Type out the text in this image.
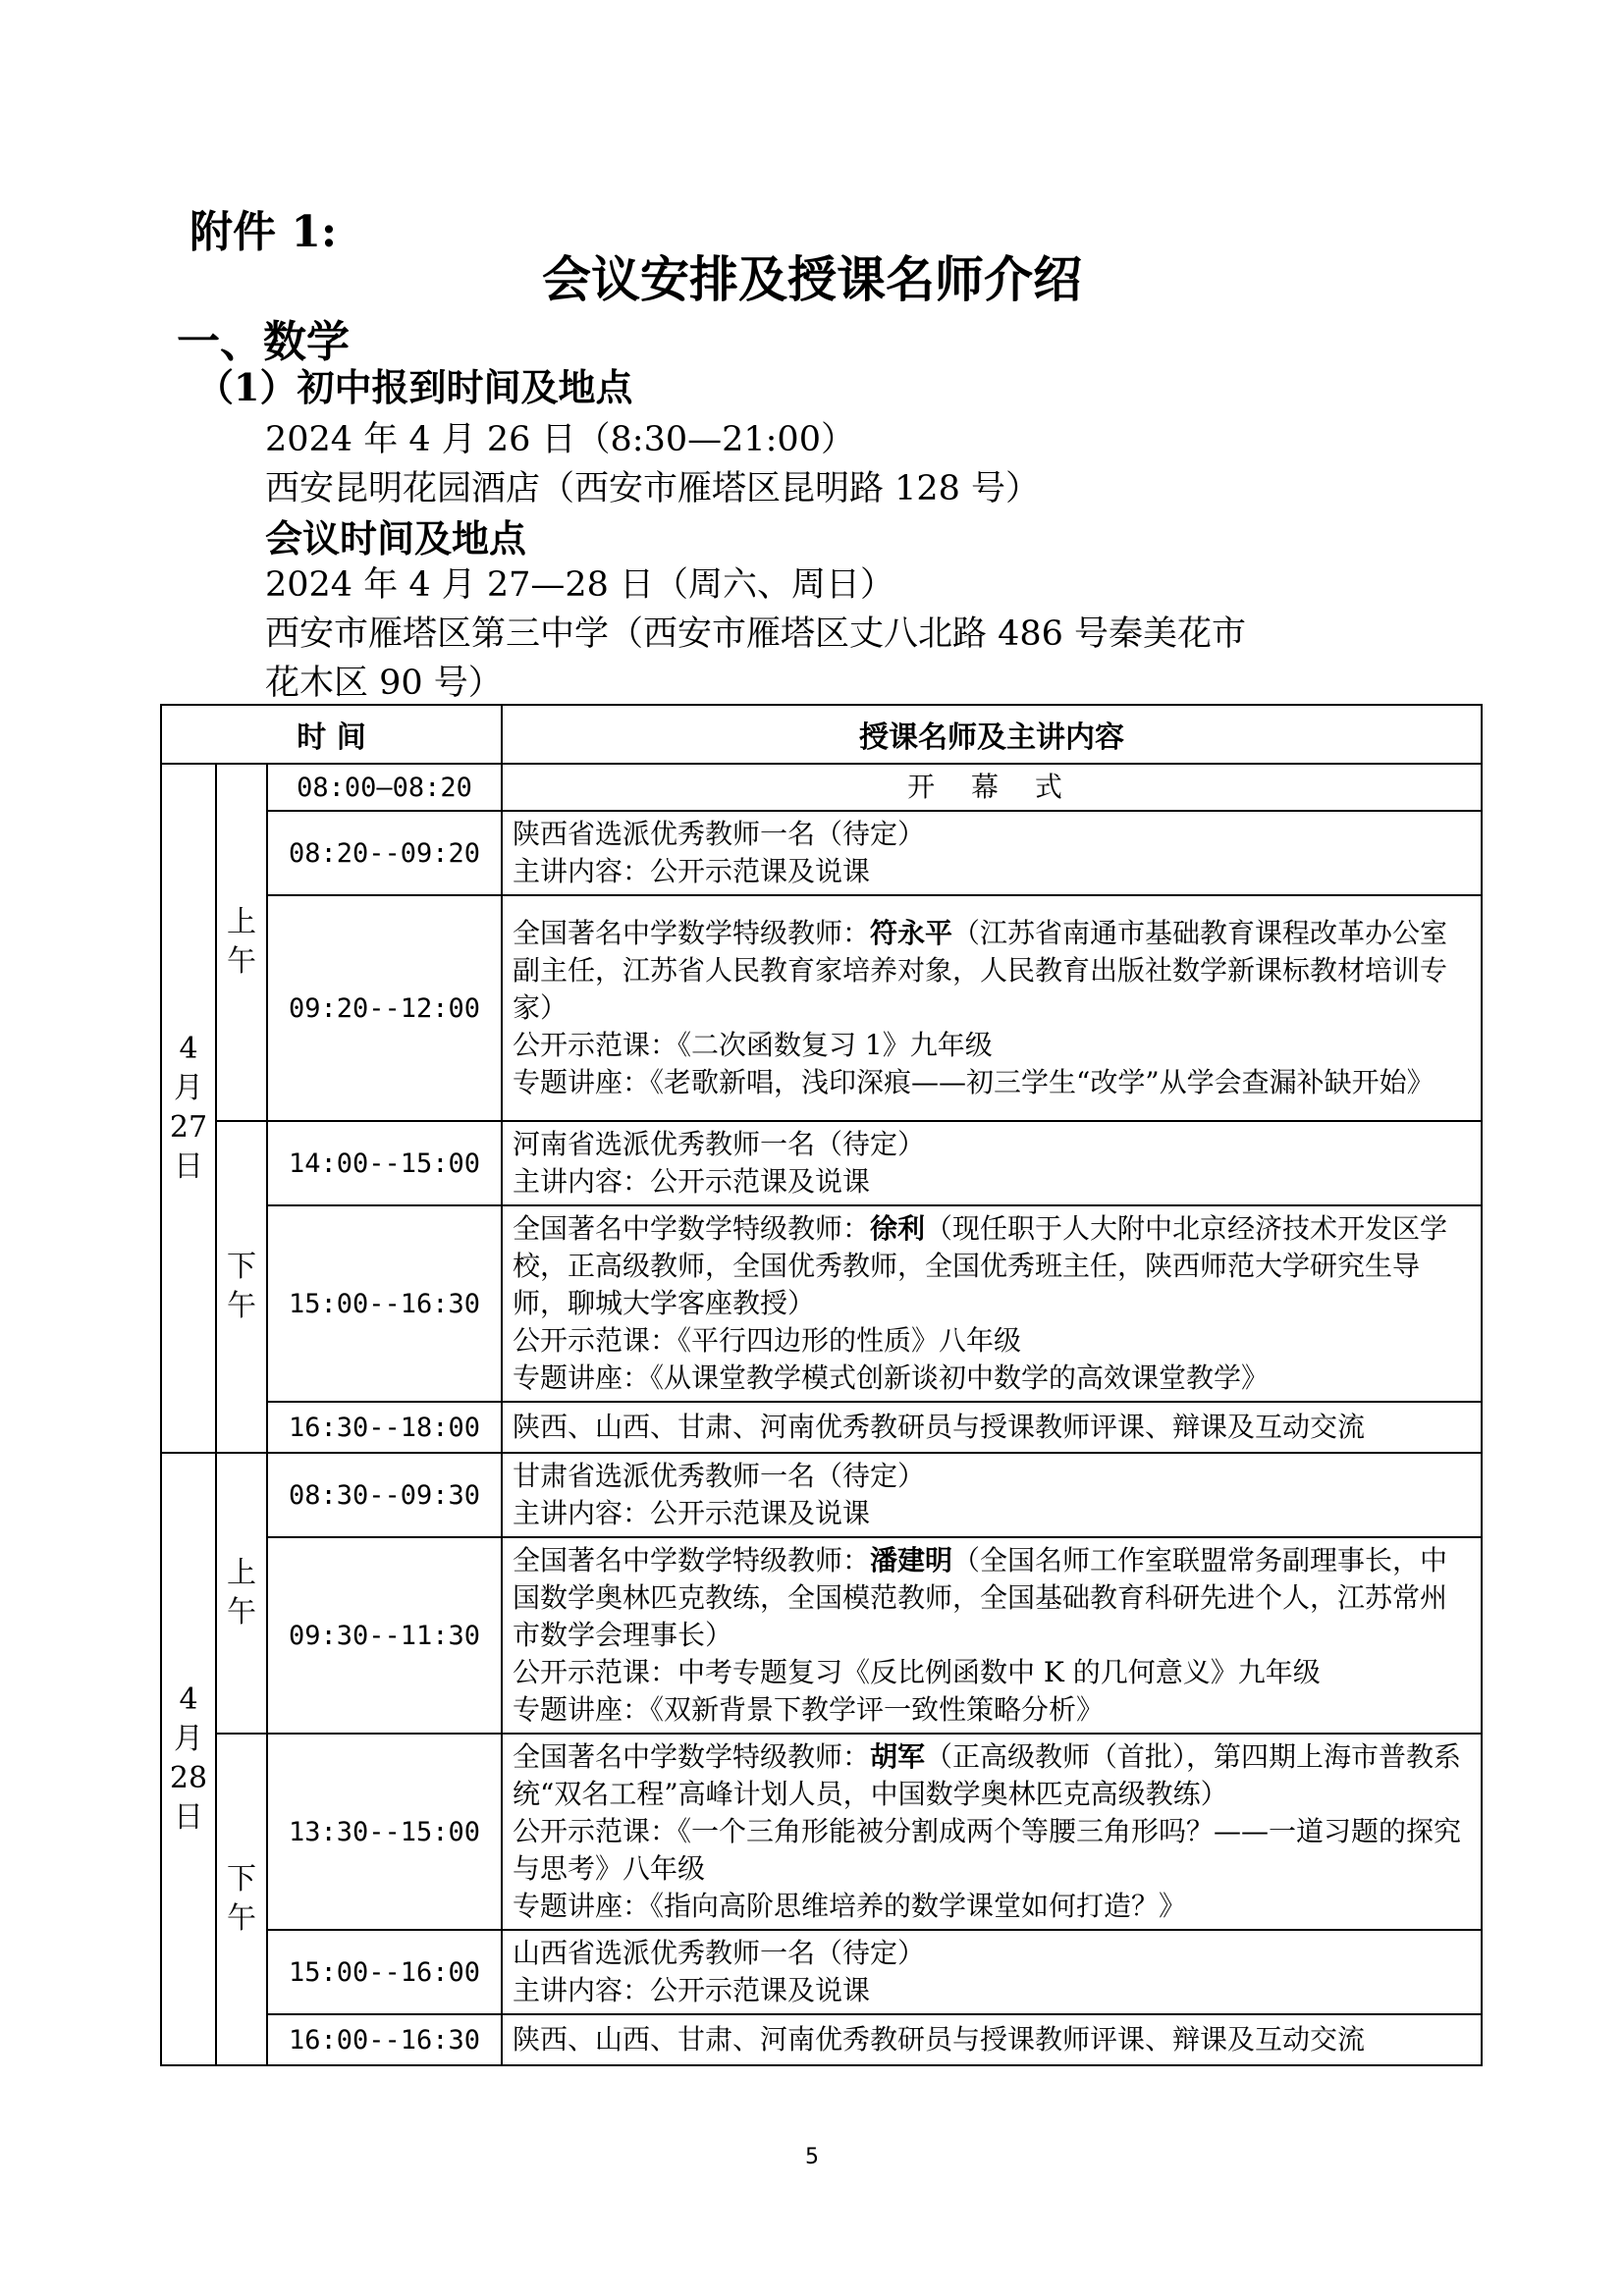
附件 1:

会议安排及授课名师介绍
一、数学
（1）初中报到时间及地点

2024 年 4 月 26 日（8:30—21:00）

西安昆明花园酒店（西安市雁塔区昆明路 128 号）

会议时间及地点

2024 年 4 月 27—28 日（周六、周日）

西安市雁塔区第三中学（西安市雁塔区丈八北路 486 号秦美花市

花木区 90 号）

时 间			授课名师及主讲内容
4月27日	上午	08:00—08:20	开 幕 式
		08:20--09:20	陕西省选派优秀教师一名（待定）
主讲内容：公开示范课及说课

		09:20--12:00	全国著名中学数学特级教师：符永平（江苏省南通市基础教育课程改革办公室副主任，江苏省人民教育家培养对象，人民教育出版社数学新课标教材培训专家）
公开示范课：《二次函数复习 1》九年级
专题讲座：《老歌新唱，浅印深痕——初三学生“改学”从学会查漏补缺开始》

	下午	14:00--15:00	河南省选派优秀教师一名（待定）
主讲内容：公开示范课及说课

		15:00--16:30	全国著名中学数学特级教师：徐利（现任职于人大附中北京经济技术开发区学校，正高级教师，全国优秀教师，全国优秀班主任，陕西师范大学研究生导师，聊城大学客座教授）
公开示范课：《平行四边形的性质》八年级
专题讲座：《从课堂教学模式创新谈初中数学的高效课堂教学》

		16:30--18:00	陕西、山西、甘肃、河南优秀教研员与授课教师评课、辩课及互动交流
4月28日	上午	08:30--09:30	甘肃省选派优秀教师一名（待定）
主讲内容：公开示范课及说课

		09:30--11:30	全国著名中学数学特级教师：潘建明（全国名师工作室联盟常务副理事长，中国数学奥林匹克教练，全国模范教师，全国基础教育科研先进个人，江苏常州市数学会理事长）
公开示范课：中考专题复习《反比例函数中 K 的几何意义》九年级
专题讲座：《双新背景下教学评一致性策略分析》

	下午	13:30--15:00	全国著名中学数学特级教师：胡军（正高级教师（首批），第四期上海市普教系统“双名工程”高峰计划人员，中国数学奥林匹克高级教练）
公开示范课：《一个三角形能被分割成两个等腰三角形吗？——一道习题的探究与思考》八年级
专题讲座：《指向高阶思维培养的数学课堂如何打造？》

		15:00--16:00	山西省选派优秀教师一名（待定）
主讲内容：公开示范课及说课

		16:00--16:30	陕西、山西、甘肃、河南优秀教研员与授课教师评课、辩课及互动交流

5
